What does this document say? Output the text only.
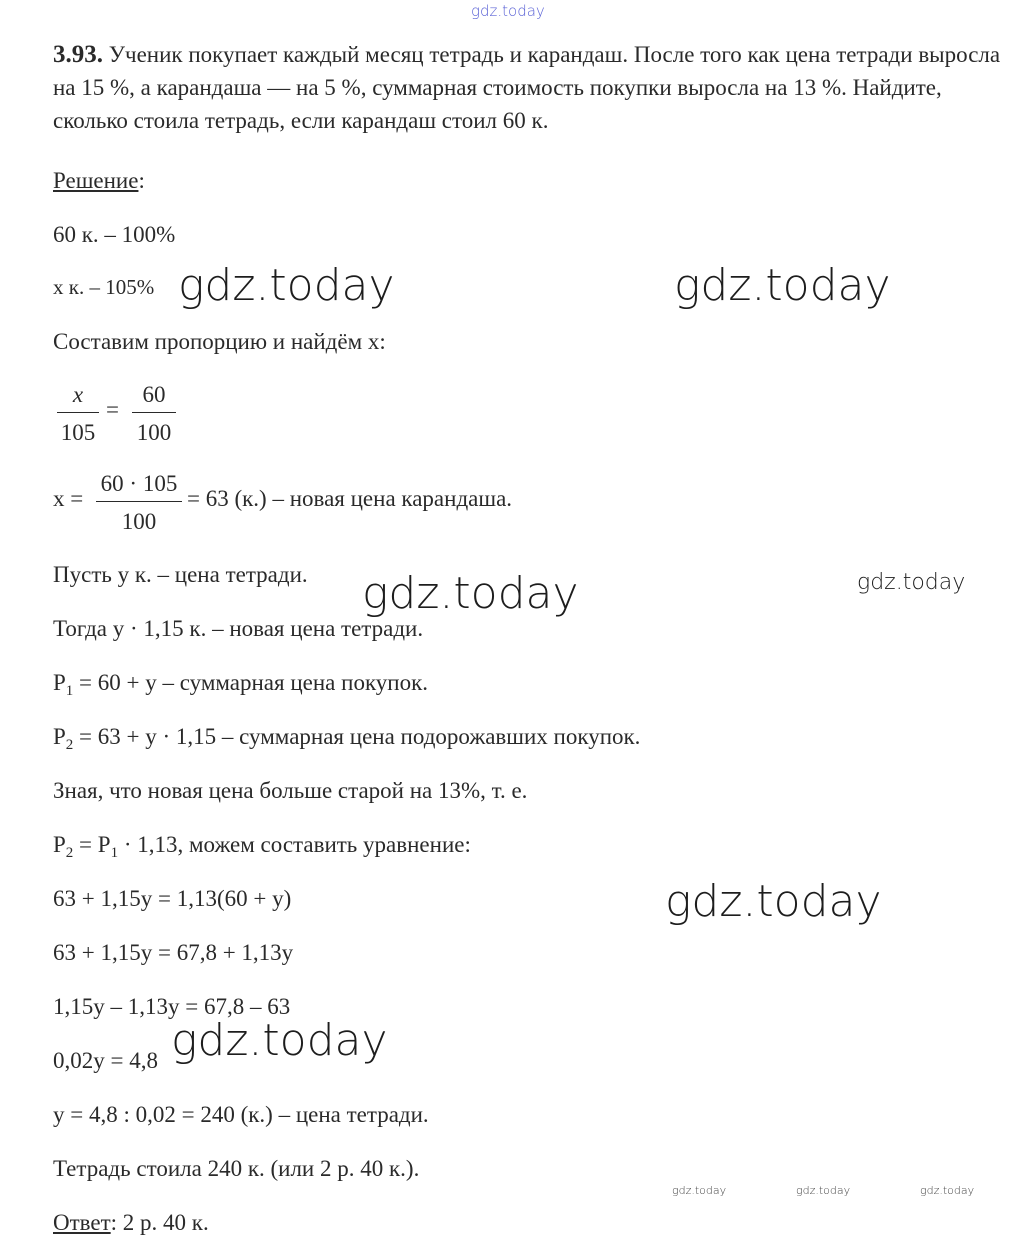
gdz.today
3.93. Ученик покупает каждый месяц тетрадь и карандаш. После того как цена тетради выросла на 15 %, а карандаша — на 5 %, суммарная стоимость покупки выросла на 13 %. Найдите, сколько стоила тетрадь, если карандаш стоил 60 к.
Решение:
60 к. – 100%
х к. – 105%
Составим пропорцию и найдём х:
$\frac{x}{105} = \frac{60}{100}$
$х = \frac{60 \cdot 105}{100} = 63$ (к.) – новая цена карандаша.
Пусть у к. – цена тетради.
Тогда у · 1,15 к. – новая цена тетради.
$P_1 = 60 + у$ – суммарная цена покупок.
$P_2 = 63 + у \cdot 1,15$ – суммарная цена подорожавших покупок.
Зная, что новая цена больше старой на 13%, т. е.
$P_2 = P_1 \cdot 1,13$, можем составить уравнение:
63 + 1,15у = 1,13(60 + у)
63 + 1,15у = 67,8 + 1,13у
1,15у – 1,13у = 67,8 – 63
0,02у = 4,8
у = 4,8 : 0,02 = 240 (к.) – цена тетради.
Тетрадь стоила 240 к. (или 2 р. 40 к.).
Ответ: 2 р. 40 к.
gdz.today	gdz.today
gdz.today	gdz.today
gdz.today
gdz.today
gdz.today	gdz.today	gdz.today
